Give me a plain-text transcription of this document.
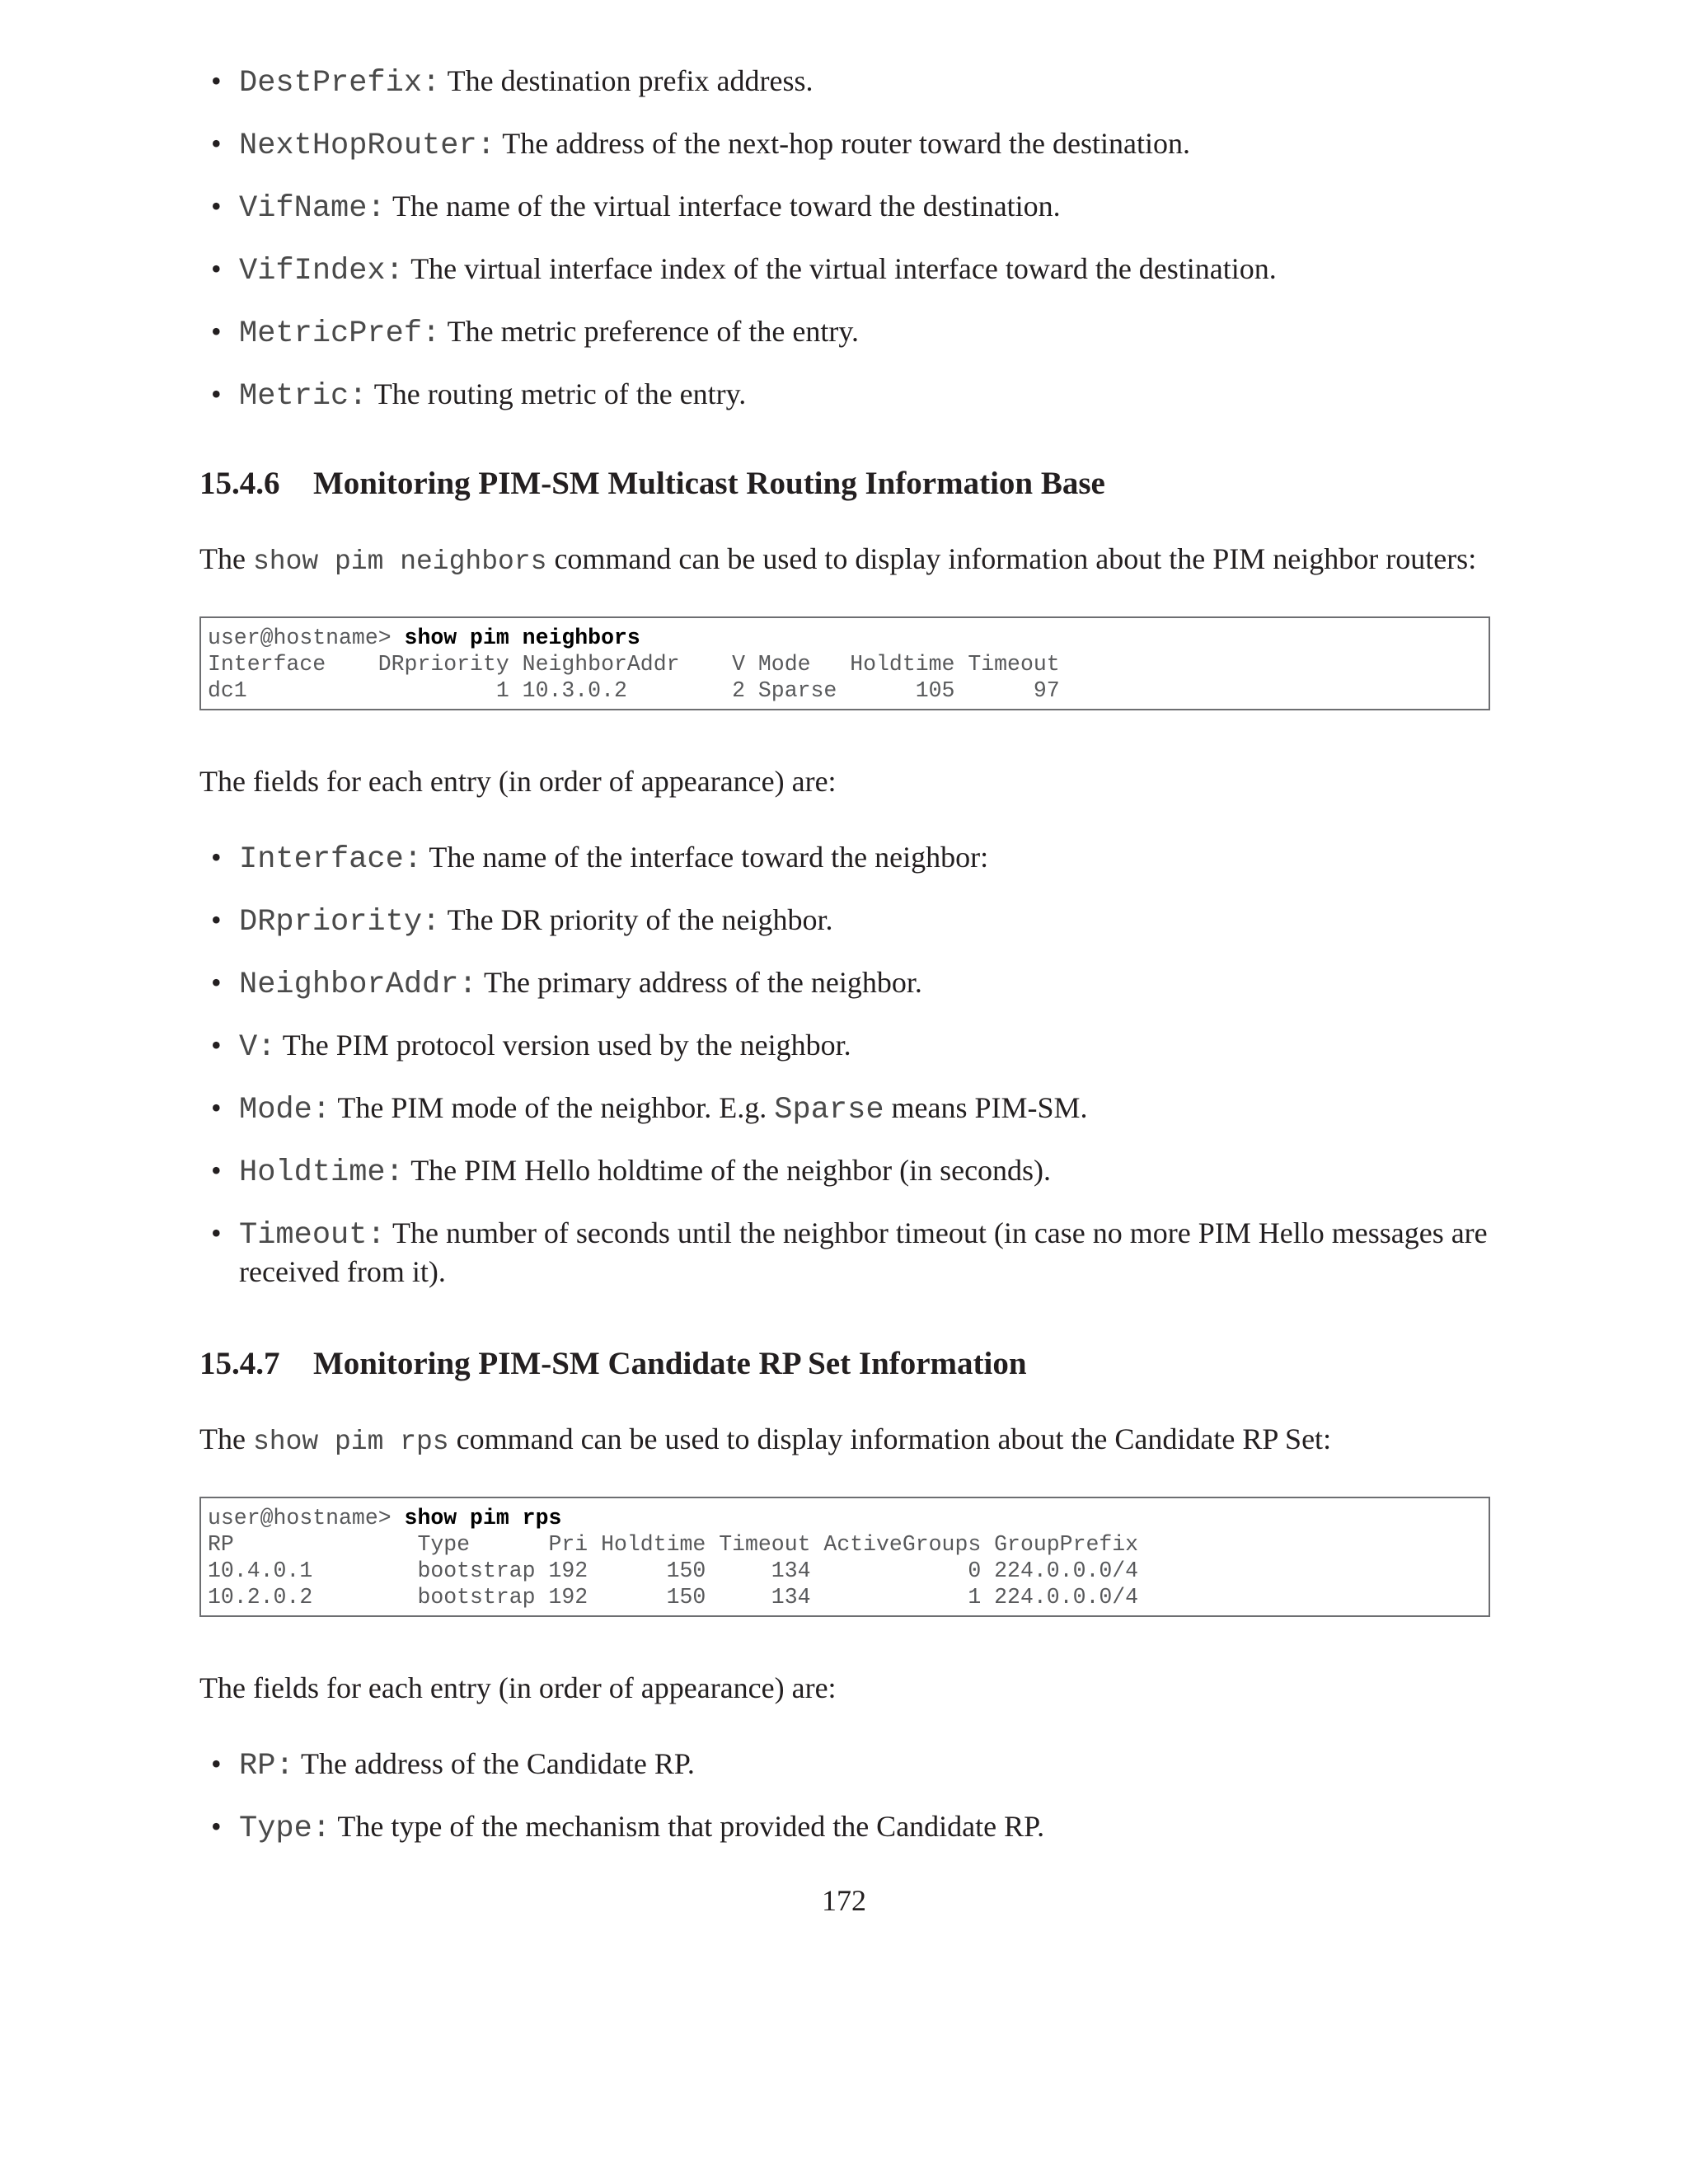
• DestPrefix: The destination prefix address.
• NextHopRouter: The address of the next-hop router toward the destination.
• VifName: The name of the virtual interface toward the destination.
• VifIndex: The virtual interface index of the virtual interface toward the destination.
• MetricPref: The metric preference of the entry.
• Metric: The routing metric of the entry.
15.4.6 Monitoring PIM-SM Multicast Routing Information Base

The show pim neighbors command can be used to display information about the PIM neighbor routers:

user@hostname> show pim neighbors
Interface    DRpriority NeighborAddr    V Mode   Holdtime Timeout
dc1                   1 10.3.0.2        2 Sparse      105      97

The fields for each entry (in order of appearance) are:

• Interface: The name of the interface toward the neighbor:
• DRpriority: The DR priority of the neighbor.
• NeighborAddr: The primary address of the neighbor.
• V: The PIM protocol version used by the neighbor.
• Mode: The PIM mode of the neighbor. E.g. Sparse means PIM-SM.
• Holdtime: The PIM Hello holdtime of the neighbor (in seconds).
• Timeout: The number of seconds until the neighbor timeout (in case no more PIM Hello messages are received from it).
15.4.7 Monitoring PIM-SM Candidate RP Set Information

The show pim rps command can be used to display information about the Candidate RP Set:

user@hostname> show pim rps
RP              Type      Pri Holdtime Timeout ActiveGroups GroupPrefix
10.4.0.1        bootstrap 192      150     134            0 224.0.0.0/4
10.2.0.2        bootstrap 192      150     134            1 224.0.0.0/4

The fields for each entry (in order of appearance) are:

• RP: The address of the Candidate RP.
• Type: The type of the mechanism that provided the Candidate RP.
172
